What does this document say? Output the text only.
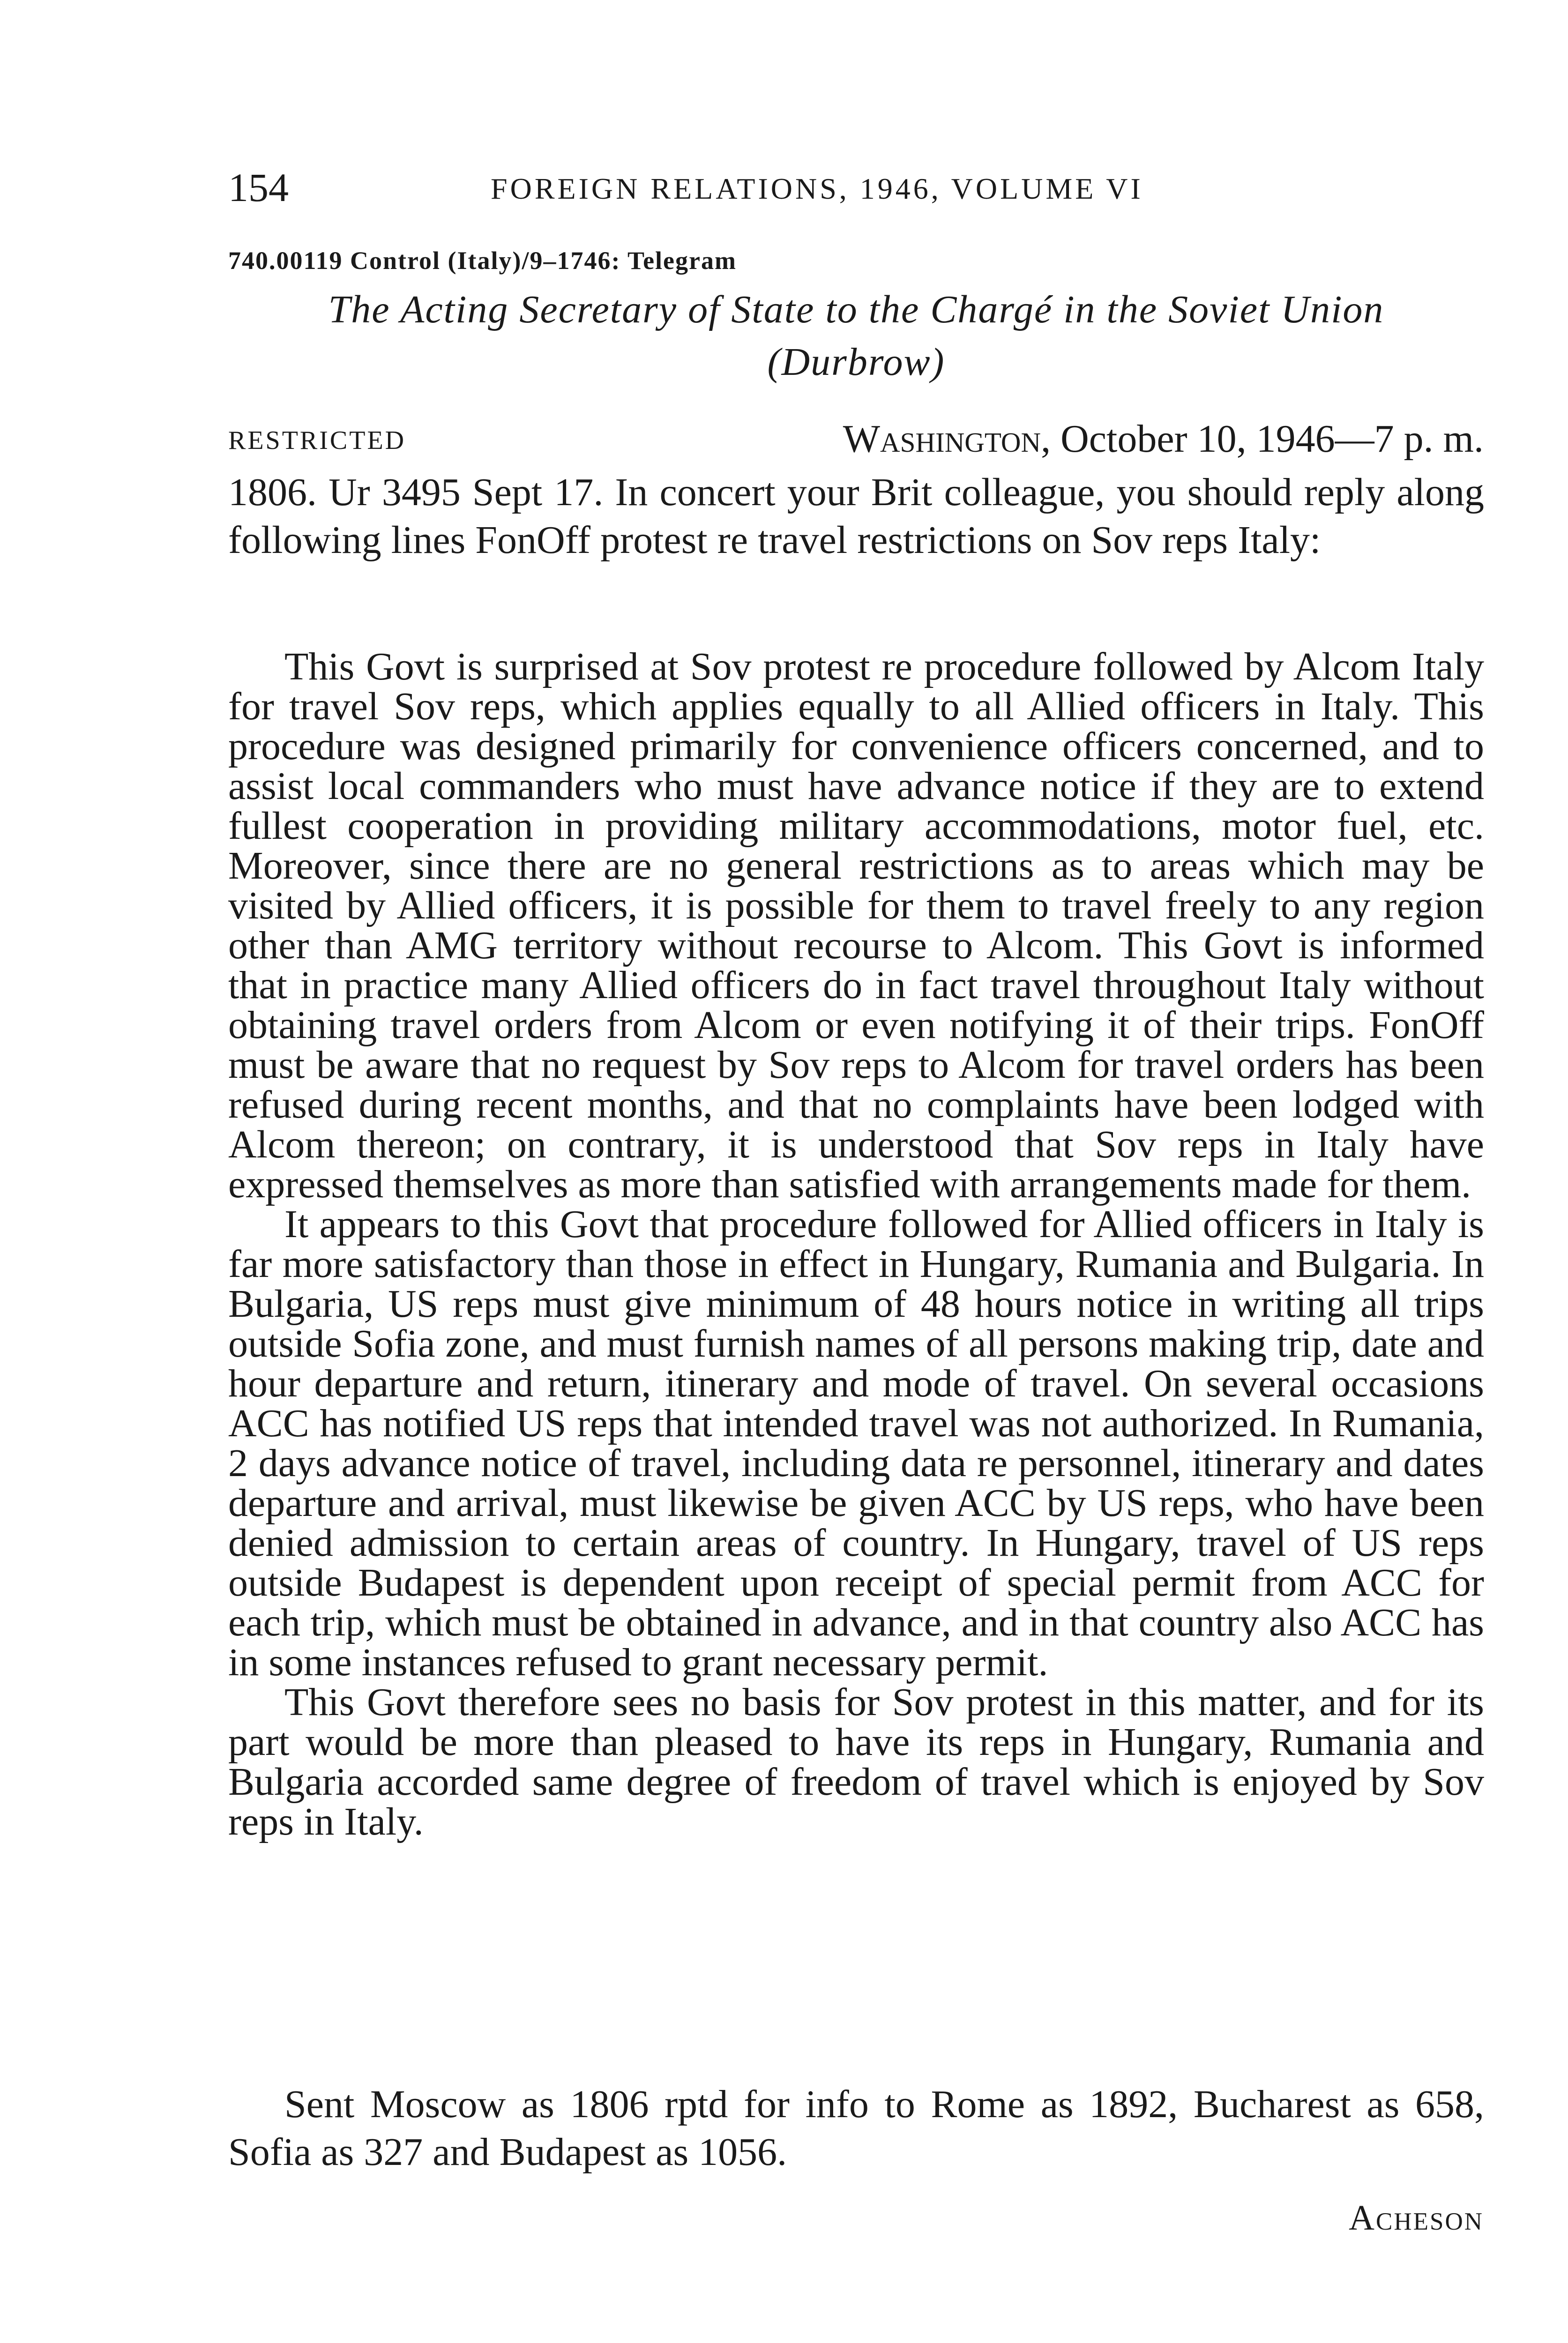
154	FOREIGN RELATIONS, 1946, VOLUME VI
740.00119 Control (Italy)/9–1746: Telegram
The Acting Secretary of State to the Chargé in the Soviet Union
(Durbrow)
RESTRICTED	Washington, October 10, 1946—7 p. m.

1806. Ur 3495 Sept 17. In concert your Brit colleague, you should reply along following lines FonOff protest re travel restrictions on Sov reps Italy:

This Govt is surprised at Sov protest re procedure followed by Alcom Italy for travel Sov reps, which applies equally to all Allied officers in Italy. This procedure was designed primarily for convenience officers concerned, and to assist local commanders who must have advance notice if they are to extend fullest cooperation in providing military accommodations, motor fuel, etc. Moreover, since there are no general restrictions as to areas which may be visited by Allied officers, it is possible for them to travel freely to any region other than AMG territory without recourse to Alcom. This Govt is informed that in practice many Allied officers do in fact travel throughout Italy without obtaining travel orders from Alcom or even notifying it of their trips. FonOff must be aware that no request by Sov reps to Alcom for travel orders has been refused during recent months, and that no complaints have been lodged with Alcom thereon; on contrary, it is understood that Sov reps in Italy have expressed themselves as more than satisfied with arrangements made for them.

It appears to this Govt that procedure followed for Allied officers in Italy is far more satisfactory than those in effect in Hungary, Rumania and Bulgaria. In Bulgaria, US reps must give minimum of 48 hours notice in writing all trips outside Sofia zone, and must furnish names of all persons making trip, date and hour departure and return, itinerary and mode of travel. On several occasions ACC has notified US reps that intended travel was not authorized. In Rumania, 2 days advance notice of travel, including data re personnel, itinerary and dates departure and arrival, must likewise be given ACC by US reps, who have been denied admission to certain areas of country. In Hungary, travel of US reps outside Budapest is dependent upon receipt of special permit from ACC for each trip, which must be obtained in advance, and in that country also ACC has in some instances refused to grant necessary permit.

This Govt therefore sees no basis for Sov protest in this matter, and for its part would be more than pleased to have its reps in Hungary, Rumania and Bulgaria accorded same degree of freedom of travel which is enjoyed by Sov reps in Italy.

Sent Moscow as 1806 rptd for info to Rome as 1892, Bucharest as 658, Sofia as 327 and Budapest as 1056.

Acheson
